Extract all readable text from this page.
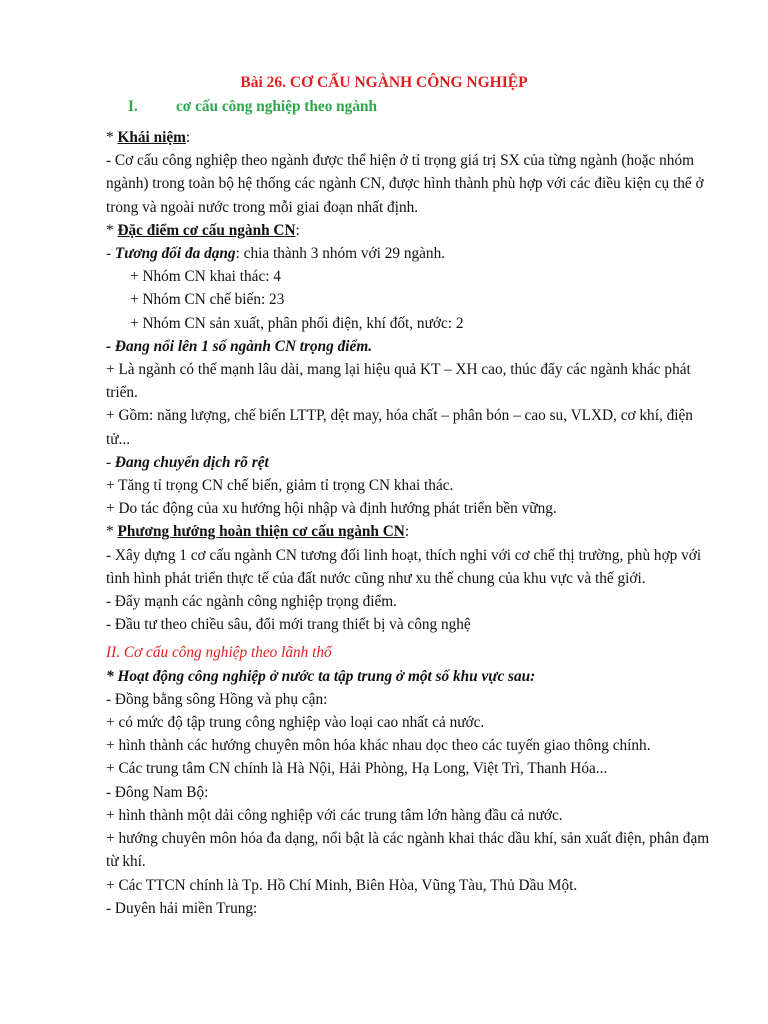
Bài 26. CƠ CẤU NGÀNH CÔNG NGHIỆP
I. cơ cấu công nghiệp theo ngành

* Khái niệm:

- Cơ cấu công nghiệp theo ngành được thể hiện ở tỉ trọng giá trị SX của từng ngành (hoặc nhóm ngành) trong toàn bộ hệ thống các ngành CN, được hình thành phù hợp với các điều kiện cụ thể ở trong và ngoài nước trong mỗi giai đoạn nhất định.

* Đặc điểm cơ cấu ngành CN:

- Tương đối đa dạng: chia thành 3 nhóm với 29 ngành.

+ Nhóm CN khai thác: 4

+ Nhóm CN chế biến: 23

+ Nhóm CN sản xuất, phân phối điện, khí đốt, nước: 2

- Đang nổi lên 1 số ngành CN trọng điểm.

+ Là ngành có thế mạnh lâu dài, mang lại hiệu quả KT – XH cao, thúc đẩy các ngành khác phát triển.

+ Gồm: năng lượng, chế biến LTTP, dệt may, hóa chất – phân bón – cao su, VLXD, cơ khí, điện tử...

- Đang chuyển dịch rõ rệt

+ Tăng tỉ trọng CN chế biến, giảm tỉ trọng CN khai thác.

+ Do tác động của xu hướng hội nhập và định hướng phát triển bền vững.

* Phương hướng hoàn thiện cơ cấu ngành CN:

- Xây dựng 1 cơ cấu ngành CN tương đối linh hoạt, thích nghi với cơ chế thị trường, phù hợp với tình hình phát triển thực tế của đất nước cũng như xu thế chung của khu vực và thế giới.

- Đẩy mạnh các ngành công nghiệp trọng điểm.

- Đầu tư theo chiều sâu, đổi mới trang thiết bị và công nghệ

II. Cơ cấu công nghiệp theo lãnh thổ

* Hoạt động công nghiệp ở nước ta tập trung ở một số khu vực sau:

- Đồng bằng sông Hồng và phụ cận:

+ có mức độ tập trung công nghiệp vào loại cao nhất cả nước.

+ hình thành các hướng chuyên môn hóa khác nhau dọc theo các tuyến giao thông chính.

+ Các trung tâm CN chính là Hà Nội, Hải Phòng, Hạ Long, Việt Trì, Thanh Hóa...

- Đông Nam Bộ:

+ hình thành một dải công nghiệp với các trung tâm lớn hàng đầu cả nước.

+ hướng chuyên môn hóa đa dạng, nổi bật là các ngành khai thác dầu khí, sản xuất điện, phân đạm từ khí.

+ Các TTCN chính là Tp. Hồ Chí Minh, Biên Hòa, Vũng Tàu, Thủ Dầu Một.

- Duyên hải miền Trung:
